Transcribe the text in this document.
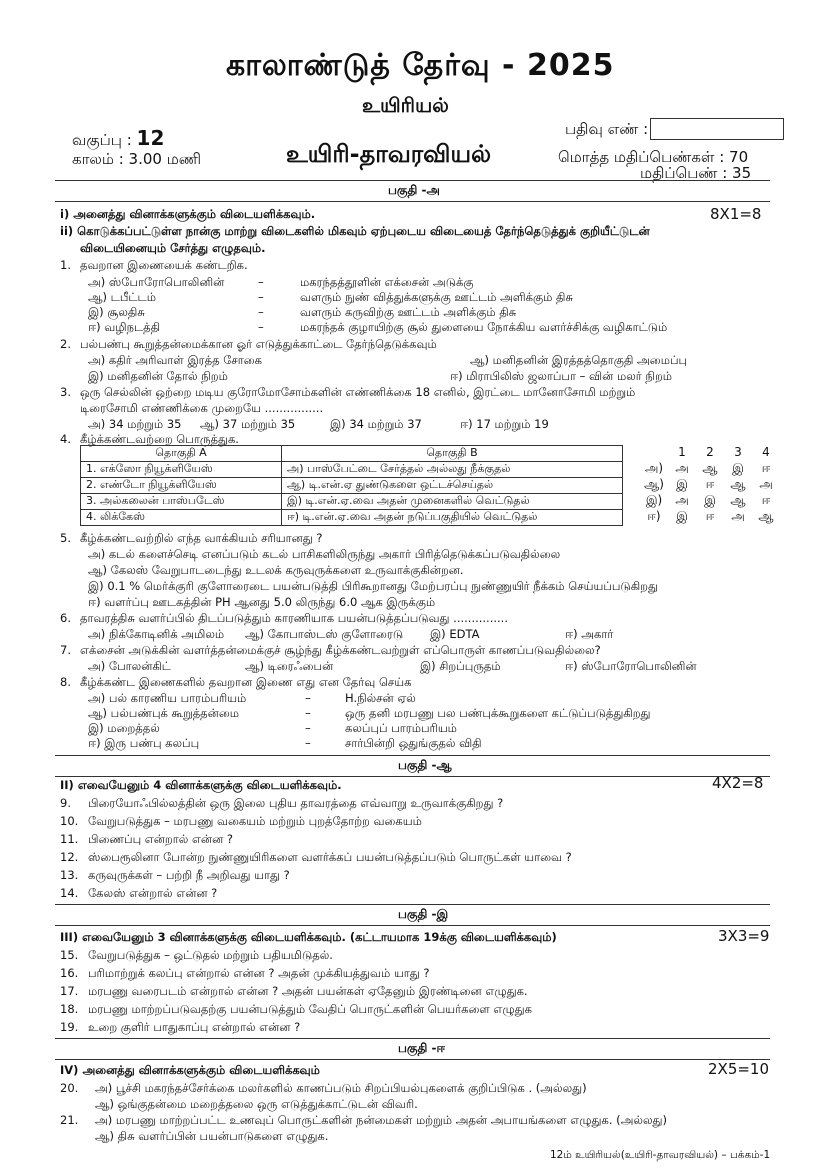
காலாண்டுத் தேர்வு - 2025
உயிரியல்
உயிரி-தாவரவியல்
வகுப்பு : 12
காலம் : 3.00 மணி
பதிவு எண் :
மொத்த மதிப்பெண்கள் : 70
மதிப்பெண் : 35
பகுதி -அ
i) அனைத்து வினாக்களுக்கும் விடையளிக்கவும்.	8X1=8
ii) கொடுக்கப்பட்டுள்ள நான்கு மாற்று விடைகளில் மிகவும் ஏற்புடைய விடையைத் தேர்ந்தெடுத்துக் குறியீட்டுடன்
விடையினையும் சேர்த்து எழுதவும்.
1. தவறான இணையைக் கண்டறிக.
அ) ஸ்போரோபொலினின்	–	மகரந்தத்தூளின் எக்சைன் அடுக்கு
ஆ) டபீட்டம்	–	வளரும் நுண் வித்துக்களுக்கு ஊட்டம் அளிக்கும் திசு
இ) சூலதிசு	–	வளரும் கருவிற்கு ஊட்டம் அளிக்கும் திசு
ஈ) வழிநடத்தி	–	மகரந்தக் குழாயிற்கு சூல் துளையை நோக்கிய வளர்ச்சிக்கு வழிகாட்டும்
2. பல்பண்பு கூறுத்தன்மைக்கான ஓர் எடுத்துக்காட்டை தேர்ந்தெடுக்கவும்
அ) கதிர் அரிவாள் இரத்த சோகை	ஆ) மனிதனின் இரத்தத்தொகுதி அமைப்பு
இ) மனிதனின் தோல் நிறம்	ஈ) மிராபிலிஸ் ஜலாப்பா – வின் மலர் நிறம்
3. ஒரு செல்லின் ஒற்றை மடிய குரோமோசோம்களின் எண்ணிக்கை 18 எனில், இரட்டை மானோசோமி மற்றும்
டிரைசோமி எண்ணிக்கை முறையே ................
அ) 34 மற்றும் 35 ஆ) 37 மற்றும் 35	இ) 34 மற்றும் 37	ஈ) 17 மற்றும் 19
4. கீழ்க்கண்டவற்றை பொருத்துக.
தொகுதி A	தொகுதி B
1. எக்ஸோ நியூக்ளியேஸ்	அ) பாஸ்பேட்டை சேர்த்தல் அல்லது நீக்குதல்
2. எண்டோ நியூக்ளியேஸ்	ஆ) டி.என்.ஏ துண்டுகளை ஒட்டச்செய்தல்
3. அல்கலைன் பாஸ்படேஸ்	இ) டி.என்.ஏ.வை அதன் முனைகளில் வெட்டுதல்
4. லிக்கேஸ்	ஈ) டி.என்.ஏ.வை அதன் நடுப்பகுதியில் வெட்டுதல்
1 2 3 4
அ) அ ஆ இ ஈ
ஆ) இ ஈ ஆ அ
இ) அ இ ஆ ஈ
ஈ) இ ஈ அ ஆ
5. கீழ்க்கண்டவற்றில் எந்த வாக்கியம் சரியானது ?
அ) கடல் களைச்செடி எனப்படும் கடல் பாசிகளிலிருந்து அகார் பிரித்தெடுக்கப்படுவதில்லை
ஆ) கேலஸ் வேறுபாடடைந்து உடலக் கருவுருக்களை உருவாக்குகின்றன.
இ) 0.1 % மெர்க்குரி குளோரைடை பயன்படுத்தி பிரிகூறானது மேற்பரப்பு நுண்ணுயிர் நீக்கம் செய்யப்படுகிறது
ஈ) வளர்ப்பு ஊடகத்தின் PH ஆனது 5.0 லிருந்து 6.0 ஆக இருக்கும்
6. தாவரத்திசு வளர்ப்பில் திடப்படுத்தும் காரணியாக பயன்படுத்தப்படுவது ...............
அ) நிக்கோடினிக் அமிலம் ஆ) கோபாஸ்டஸ் குளோரைடு இ) EDTA	ஈ) அகார்
7. எக்சைன் அடுக்கின் வளர்த்தன்மைக்குச் சூழ்ந்து கீழ்க்கண்டவற்றுள் எப்பொருள் காணப்படுவதில்லை?
அ) போலன்கிட்	ஆ) டிரைஃபைன்	இ) சிறப்புருதம்	ஈ) ஸ்போரோபொலினின்
8. கீழ்க்கண்ட இணைகளில் தவறான இணை எது என தேர்வு செய்க
அ) பல் காரணிய பாரம்பரியம்	–	H.நில்சன் ஏல்
ஆ) பல்பண்புக் கூறுத்தன்மை	–	ஒரு தனி மரபணு பல பண்புக்கூறுகளை கட்டுப்படுத்துகிறது
இ) மறைத்தல்	–	கலப்புப் பாரம்பரியம்
ஈ) இரு பண்பு கலப்பு	–	சார்பின்றி ஒதுங்குதல் விதி
பகுதி -ஆ
II) எவையேனும் 4 வினாக்களுக்கு விடையளிக்கவும்.	4X2=8
9. பிரையோஃபில்லத்தின் ஒரு இலை புதிய தாவரத்தை எவ்வாறு உருவாக்குகிறது ?
10. வேறுபடுத்துக – மரபணு வகையம் மற்றும் புறத்தோற்ற வகையம்
11. பிணைப்பு என்றால் என்ன ?
12. ஸ்பைரூலினா போன்ற நுண்ணுயிரிகளை வளர்க்கப் பயன்படுத்தப்படும் பொருட்கள் யாவை ?
13. கருவுருக்கள் – பற்றி நீ அறிவது யாது ?
14. கேலஸ் என்றால் என்ன ?
பகுதி -இ
III) எவையேனும் 3 வினாக்களுக்கு விடையளிக்கவும். (கட்டாயமாக 19க்கு விடையளிக்கவும்)	3X3=9
15. வேறுபடுத்துக – ஒட்டுதல் மற்றும் பதியமிடுதல்.
16. பரிமாற்றுக் கலப்பு என்றால் என்ன ? அதன் முக்கியத்துவம் யாது ?
17. மரபணு வரைபடம் என்றால் என்ன ? அதன் பயன்கள் ஏதேனும் இரண்டினை எழுதுக.
18. மரபணு மாற்றப்படுவதற்கு பயன்படுத்தும் வேதிப் பொருட்களின் பெயர்களை எழுதுக
19. உறை குளிர் பாதுகாப்பு என்றால் என்ன ?
பகுதி -ஈ
IV) அனைத்து வினாக்களுக்கும் விடையளிக்கவும்	2X5=10
20. அ) பூச்சி மகரந்தச்சேர்க்கை மலர்களில் காணப்படும் சிறப்பியல்புகளைக் குறிப்பிடுக . (அல்லது)
ஆ) ஒங்குதன்மை மறைத்தலை ஒரு எடுத்துக்காட்டுடன் விவரி.
21. அ) மரபணு மாற்றப்பட்ட உணவுப் பொருட்களின் நன்மைகள் மற்றும் அதன் அபாயங்களை எழுதுக. (அல்லது)
ஆ) திசு வளர்ப்பின் பயன்பாடுகளை எழுதுக.
12ம் உயிரியல்(உயிரி-தாவரவியல்) – பக்கம்-1
